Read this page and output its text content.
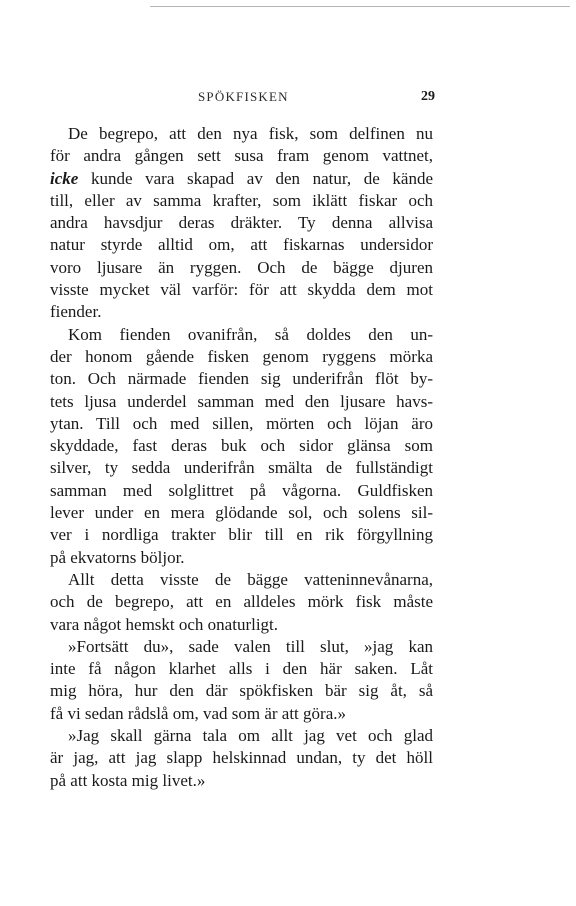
SPÖKFISKEN	29
De begrepo, att den nya fisk, som delfinen nu
för andra gången sett susa fram genom vattnet,
icke kunde vara skapad av den natur, de kände
till, eller av samma krafter, som iklätt fiskar och
andra havsdjur deras dräkter. Ty denna allvisa
natur styrde alltid om, att fiskarnas undersidor
voro ljusare än ryggen. Och de bägge djuren
visste mycket väl varför: för att skydda dem mot
fiender.
Kom fienden ovanifrån, så doldes den un-
der honom gående fisken genom ryggens mörka
ton. Och närmade fienden sig underifrån flöt by-
tets ljusa underdel samman med den ljusare havs-
ytan. Till och med sillen, mörten och löjan äro
skyddade, fast deras buk och sidor glänsa som
silver, ty sedda underifrån smälta de fullständigt
samman med solglittret på vågorna. Guldfisken
lever under en mera glödande sol, och solens sil-
ver i nordliga trakter blir till en rik förgyllning
på ekvatorns böljor.
Allt detta visste de bägge vatteninnevånarna,
och de begrepo, att en alldeles mörk fisk måste
vara något hemskt och onaturligt.
»Fortsätt du», sade valen till slut, »jag kan
inte få någon klarhet alls i den här saken. Låt
mig höra, hur den där spökfisken bär sig åt, så
få vi sedan rådslå om, vad som är att göra.»
»Jag skall gärna tala om allt jag vet och glad
är jag, att jag slapp helskinnad undan, ty det höll
på att kosta mig livet.»
